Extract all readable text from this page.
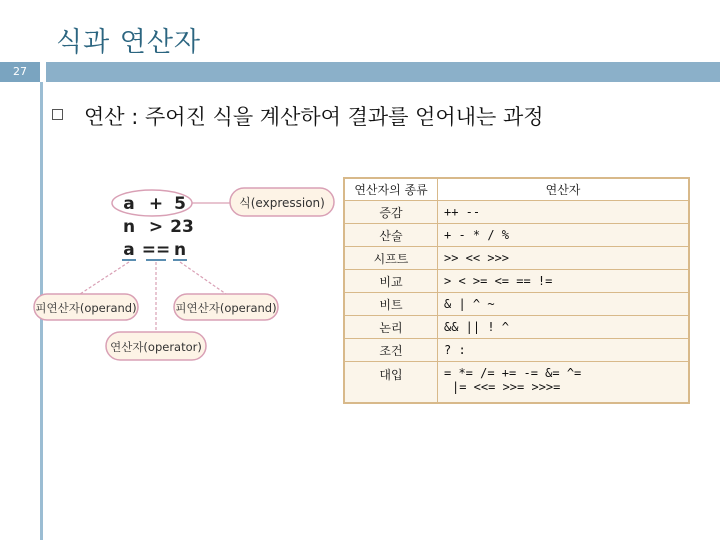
식과 연산자
27
연산 : 주어진 식을 계산하여 결과를 얻어내는 과정
식(expression)
a + 5
n > 23
a == n
피연산자(operand)	피연산자(operand)
연산자(operator)
연산자의 종류	연산자
증감	++ --
산술	+ - * / %
시프트	>> << >>>
비교	> < >= <= == !=
비트	& | ^ ~
논리	&& || ! ^
조건	? :
대입	= *= /= += -= &= ^=
|= <<= >>= >>>=
